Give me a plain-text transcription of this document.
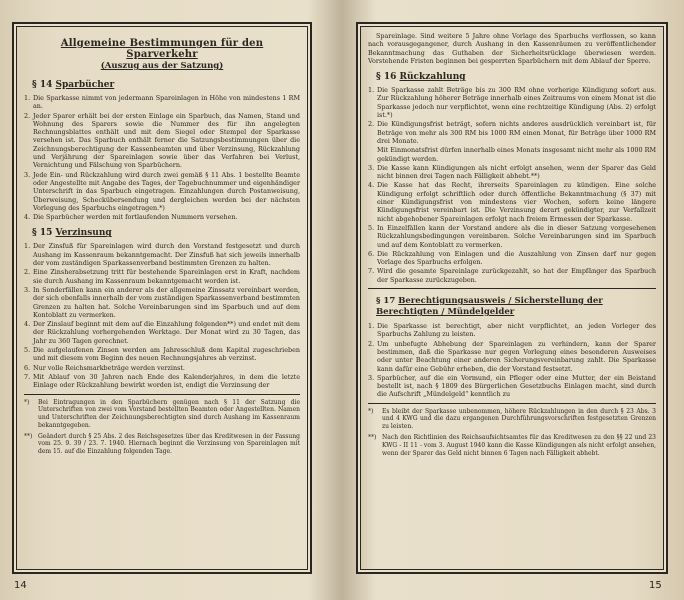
Allgemeine Bestimmungen für den Sparverkehr
(Auszug aus der Satzung)
§ 14 Sparbücher
1. Die Sparkasse nimmt von jedermann Spareinlagen in Höhe von mindestens 1 RM an.

2. Jeder Sparer erhält bei der ersten Einlage ein Sparbuch, das Namen, Stand und Wohnung des Sparers sowie die Nummer des für ihn angelegten Rechnungsblattes enthält und mit dem Siegel oder Stempel der Sparkasse versehen ist. Das Sparbuch enthält ferner die Satzungsbestimmungen über die Zeichnungsberechtigung der Kassenbeamten und über Verzinsung, Rückzahlung und Verjährung der Spareinlagen sowie über das Verfahren bei Verlust, Vernichtung und Fälschung von Sparbüchern.

3. Jede Ein- und Rückzahlung wird durch zwei gemäß § 11 Abs. 1 bestellte Beamte oder Angestellte mit Angabe des Tages, der Tagebuchnummer und eigenhändiger Unterschrift in das Sparbuch eingetragen. Einzahlungen durch Postanweisung, Überweisung, Scheckübersendung und dergleichen werden bei der nächsten Vorlegung des Sparbuchs eingetragen.*)

4. Die Sparbücher werden mit fortlaufenden Nummern versehen.

§ 15 Verzinsung
1. Der Zinsfuß für Spareinlagen wird durch den Vorstand festgesetzt und durch Aushang im Kassenraum bekanntgemacht. Der Zinsfuß hat sich jeweils innerhalb der vom zuständigen Sparkassenverband bestimmten Grenzen zu halten.

2. Eine Zinsherabsetzung tritt für bestehende Spareinlagen erst in Kraft, nachdem sie durch Aushang im Kassenraum bekanntgemacht worden ist.

3. In Sonderfällen kann ein anderer als der allgemeine Zinssatz vereinbart werden, der sich ebenfalls innerhalb der vom zuständigen Sparkassenverband bestimmten Grenzen zu halten hat. Solche Vereinbarungen sind im Sparbuch und auf dem Kontoblatt zu vermerken.

4. Der Zinslauf beginnt mit dem auf die Einzahlung folgenden**) und endet mit dem der Rückzahlung vorhergehenden Werktage. Der Monat wird zu 30 Tagen, das Jahr zu 360 Tagen gerechnet.

5. Die aufgelaufenen Zinsen werden am Jahresschluß dem Kapital zugeschrieben und mit diesem vom Beginn des neuen Rechnungsjahres ab verzinst.

6. Nur volle Reichsmarkbeträge werden verzinst.

7. Mit Ablauf von 30 Jahren nach Ende des Kalenderjahres, in dem die letzte Einlage oder Rückzahlung bewirkt worden ist, endigt die Verzinsung der

*)	Bei Eintragungen in den Sparbüchern genügen nach § 11 der Satzung die Unterschriften von zwei vom Vorstand bestellten Beamten oder Angestellten. Namen und Unterschriften der Zeichnungsberechtigten sind durch Aushang im Kassenraum bekanntgegeben.

**) Geändert durch § 25 Abs. 2 des Reichsgesetzes über das Kreditwesen in der Fassung vom 25. 9. 39 / 23. 7. 1940. Hiernach beginnt die Verzinsung von Spareinlagen mit dem 15. auf die Einzahlung folgenden Tage.

14

Spareinlage. Sind weitere 5 Jahre ohne Vorlage des Sparbuchs verflossen, so kann nach vorausgegangener, durch Aushang in den Kassenräumen zu veröffentlichender Bekanntmachung das Guthaben der Sicherheitsrücklage überwiesen werden. Vorstehende Fristen beginnen bei gesperrten Sparbüchern mit dem Ablauf der Sperre.

§ 16 Rückzahlung
1. Die Sparkasse zahlt Beträge bis zu 300 RM ohne vorherige Kündigung sofort aus. Zur Rückzahlung höherer Beträge innerhalb eines Zeitraums von einem Monat ist die Sparkasse jedoch nur verpflichtet, wenn eine rechtzeitige Kündigung (Abs. 2) erfolgt ist.*)

2. Die Kündigungsfrist beträgt, sofern nichts anderes ausdrücklich vereinbart ist, für Beträge von mehr als 300 RM bis 1000 RM einen Monat, für Beträge über 1000 RM drei Monate.

Mit Einmonatsfrist dürfen innerhalb eines Monats insgesamt nicht mehr als 1000 RM gekündigt werden.

3. Die Kasse kann Kündigungen als nicht erfolgt ansehen, wenn der Sparer das Geld nicht binnen drei Tagen nach Fälligkeit abhebt.**)

4. Die Kasse hat das Recht, ihrerseits Spareinlagen zu kündigen. Eine solche Kündigung erfolgt schriftlich oder durch öffentliche Bekanntmachung (§ 37) mit einer Kündigungsfrist von mindestens vier Wochen, sofern keine längere Kündigungsfrist vereinbart ist. Die Verzinsung derart gekündigter, zur Verfallzeit nicht abgehobener Spareinlagen erfolgt nach freiem Ermessen der Sparkasse.

5. In Einzelfällen kann der Vorstand andere als die in dieser Satzung vorgesehenen Rückzahlungsbedingungen vereinbaren. Solche Vereinbarungen sind im Sparbuch und auf dem Kontoblatt zu vermerken.

6. Die Rückzahlung von Einlagen und die Auszahlung von Zinsen darf nur gegen Vorlage des Sparbuchs erfolgen.

7. Wird die gesamte Spareinlage zurückgezahlt, so hat der Empfänger das Sparbuch der Sparkasse zurückzugeben.

§ 17 Berechtigungsausweis / Sicherstellung der Berechtigten / Mündelgelder
1. Die Sparkasse ist berechtigt, aber nicht verpflichtet, an jeden Vorleger des Sparbuchs Zahlung zu leisten.

2. Um unbefugte Abhebung der Spareinlagen zu verhindern, kann der Sparer bestimmen, daß die Sparkasse nur gegen Vorlegung eines besonderen Ausweises oder unter Beachtung einer anderen Sicherungsvereinbarung zahlt. Die Sparkasse kann dafür eine Gebühr erheben, die der Vorstand festsetzt.

3. Sparbücher, auf die ein Vormund, ein Pfleger oder eine Mutter, der ein Beistand bestellt ist, nach § 1809 des Bürgerlichen Gesetzbuchs Einlagen macht, sind durch die Aufschrift „Mündelgeld“ kenntlich zu

*)	Es bleibt der Sparkasse unbenommen, höhere Rückzahlungen in den durch § 23 Abs. 3 und 4 KWG und die dazu ergangenen Durchführungsvorschriften festgesetzten Grenzen zu leisten.

**) Nach den Richtlinien des Reichsaufsichtsamtes für das Kreditwesen zu den §§ 22 und 23 KWG - II 11 - vom 3. August 1940 kann die Kasse Kündigungen als nicht erfolgt ansehen, wenn der Sparer das Geld nicht binnen 6 Tagen nach Fälligkeit abhebt.

15
